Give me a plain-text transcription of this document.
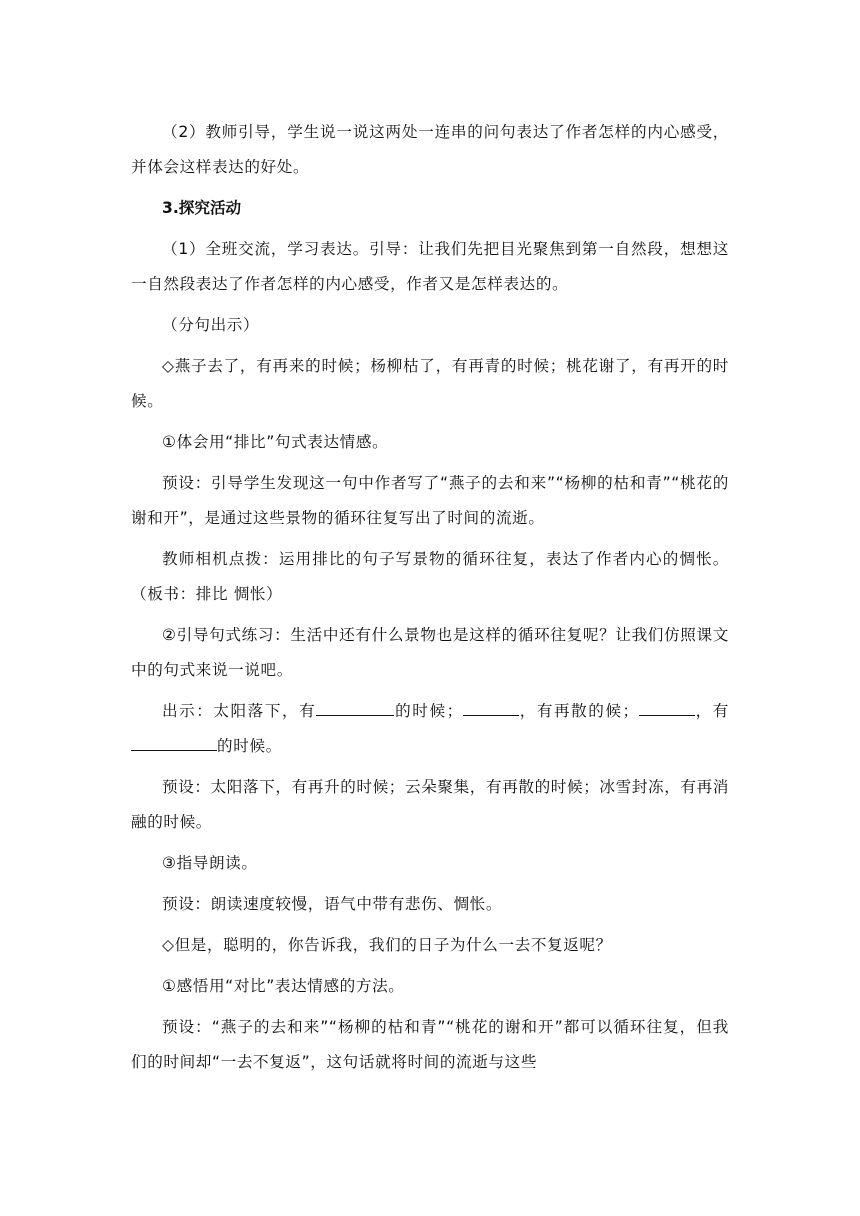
（2）教师引导，学生说一说这两处一连串的问句表达了作者怎样的内心感受，并体会这样表达的好处。

3.探究活动

（1）全班交流，学习表达。引导：让我们先把目光聚焦到第一自然段，想想这一自然段表达了作者怎样的内心感受，作者又是怎样表达的。

（分句出示）

◇燕子去了，有再来的时候；杨柳枯了，有再青的时候；桃花谢了，有再开的时候。

①体会用“排比”句式表达情感。

预设：引导学生发现这一句中作者写了“燕子的去和来”“杨柳的枯和青”“桃花的谢和开”，是通过这些景物的循环往复写出了时间的流逝。

教师相机点拨：运用排比的句子写景物的循环往复，表达了作者内心的惆怅。（板书：排比 惆怅）

②引导句式练习：生活中还有什么景物也是这样的循环往复呢？让我们仿照课文中的句式来说一说吧。

出示：太阳落下，有	的时候；	，有再散的候；	，有的时候。

预设：太阳落下，有再升的时候；云朵聚集，有再散的时候；冰雪封冻，有再消融的时候。

③指导朗读。

预设：朗读速度较慢，语气中带有悲伤、惆怅。

◇但是，聪明的，你告诉我，我们的日子为什么一去不复返呢？

①感悟用“对比”表达情感的方法。

预设：“燕子的去和来”“杨柳的枯和青”“桃花的谢和开”都可以循环往复，但我们的时间却“一去不复返”，这句话就将时间的流逝与这些
